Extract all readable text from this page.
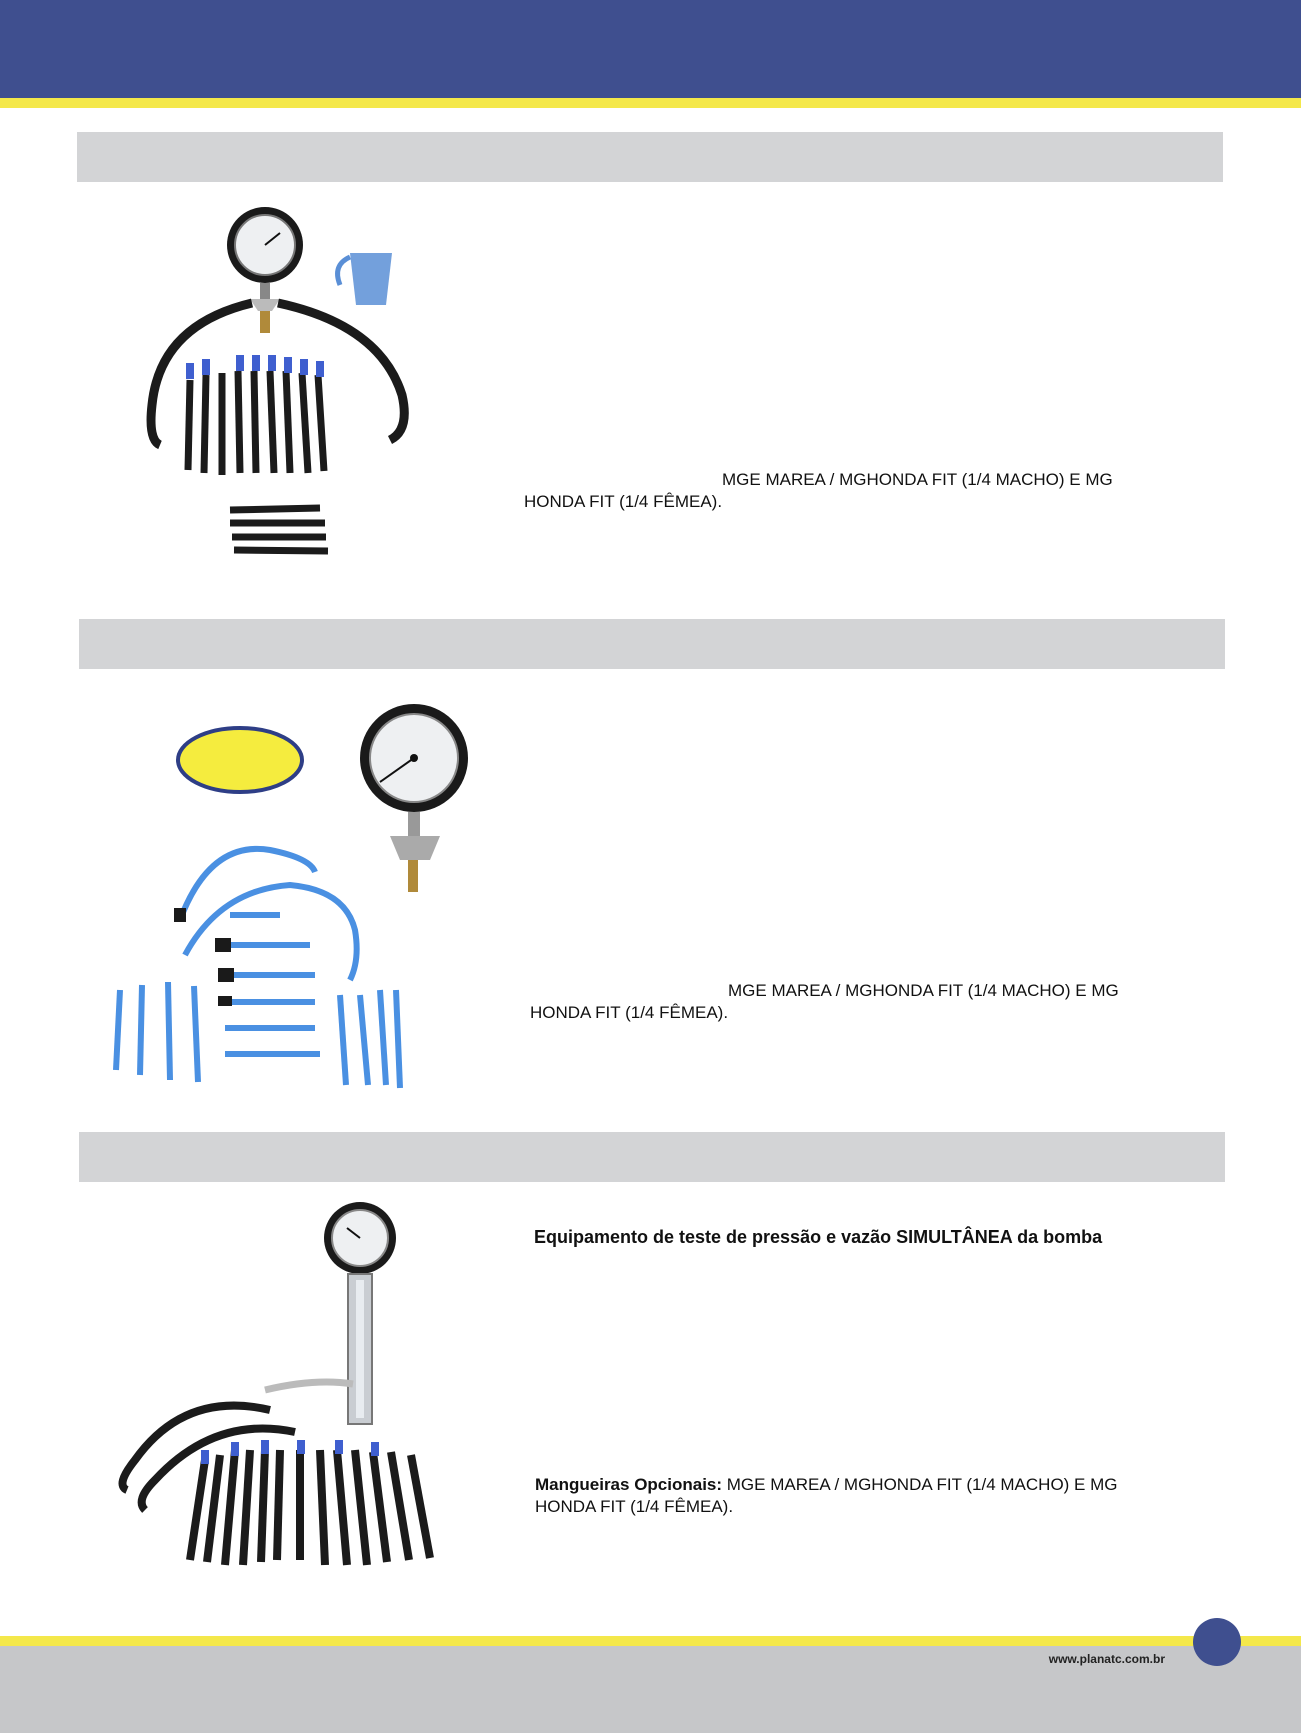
MGE MAREA / MGHONDA FIT (1/4 MACHO) E MG
HONDA FIT (1/4 FÊMEA).
MGE MAREA / MGHONDA FIT (1/4 MACHO) E MG
HONDA FIT (1/4 FÊMEA).
Equipamento de teste de pressão e vazão SIMULTÂNEA da bomba
Mangueiras Opcionais: MGE MAREA / MGHONDA FIT (1/4 MACHO) E MG
HONDA FIT (1/4 FÊMEA).
www.planatc.com.br
